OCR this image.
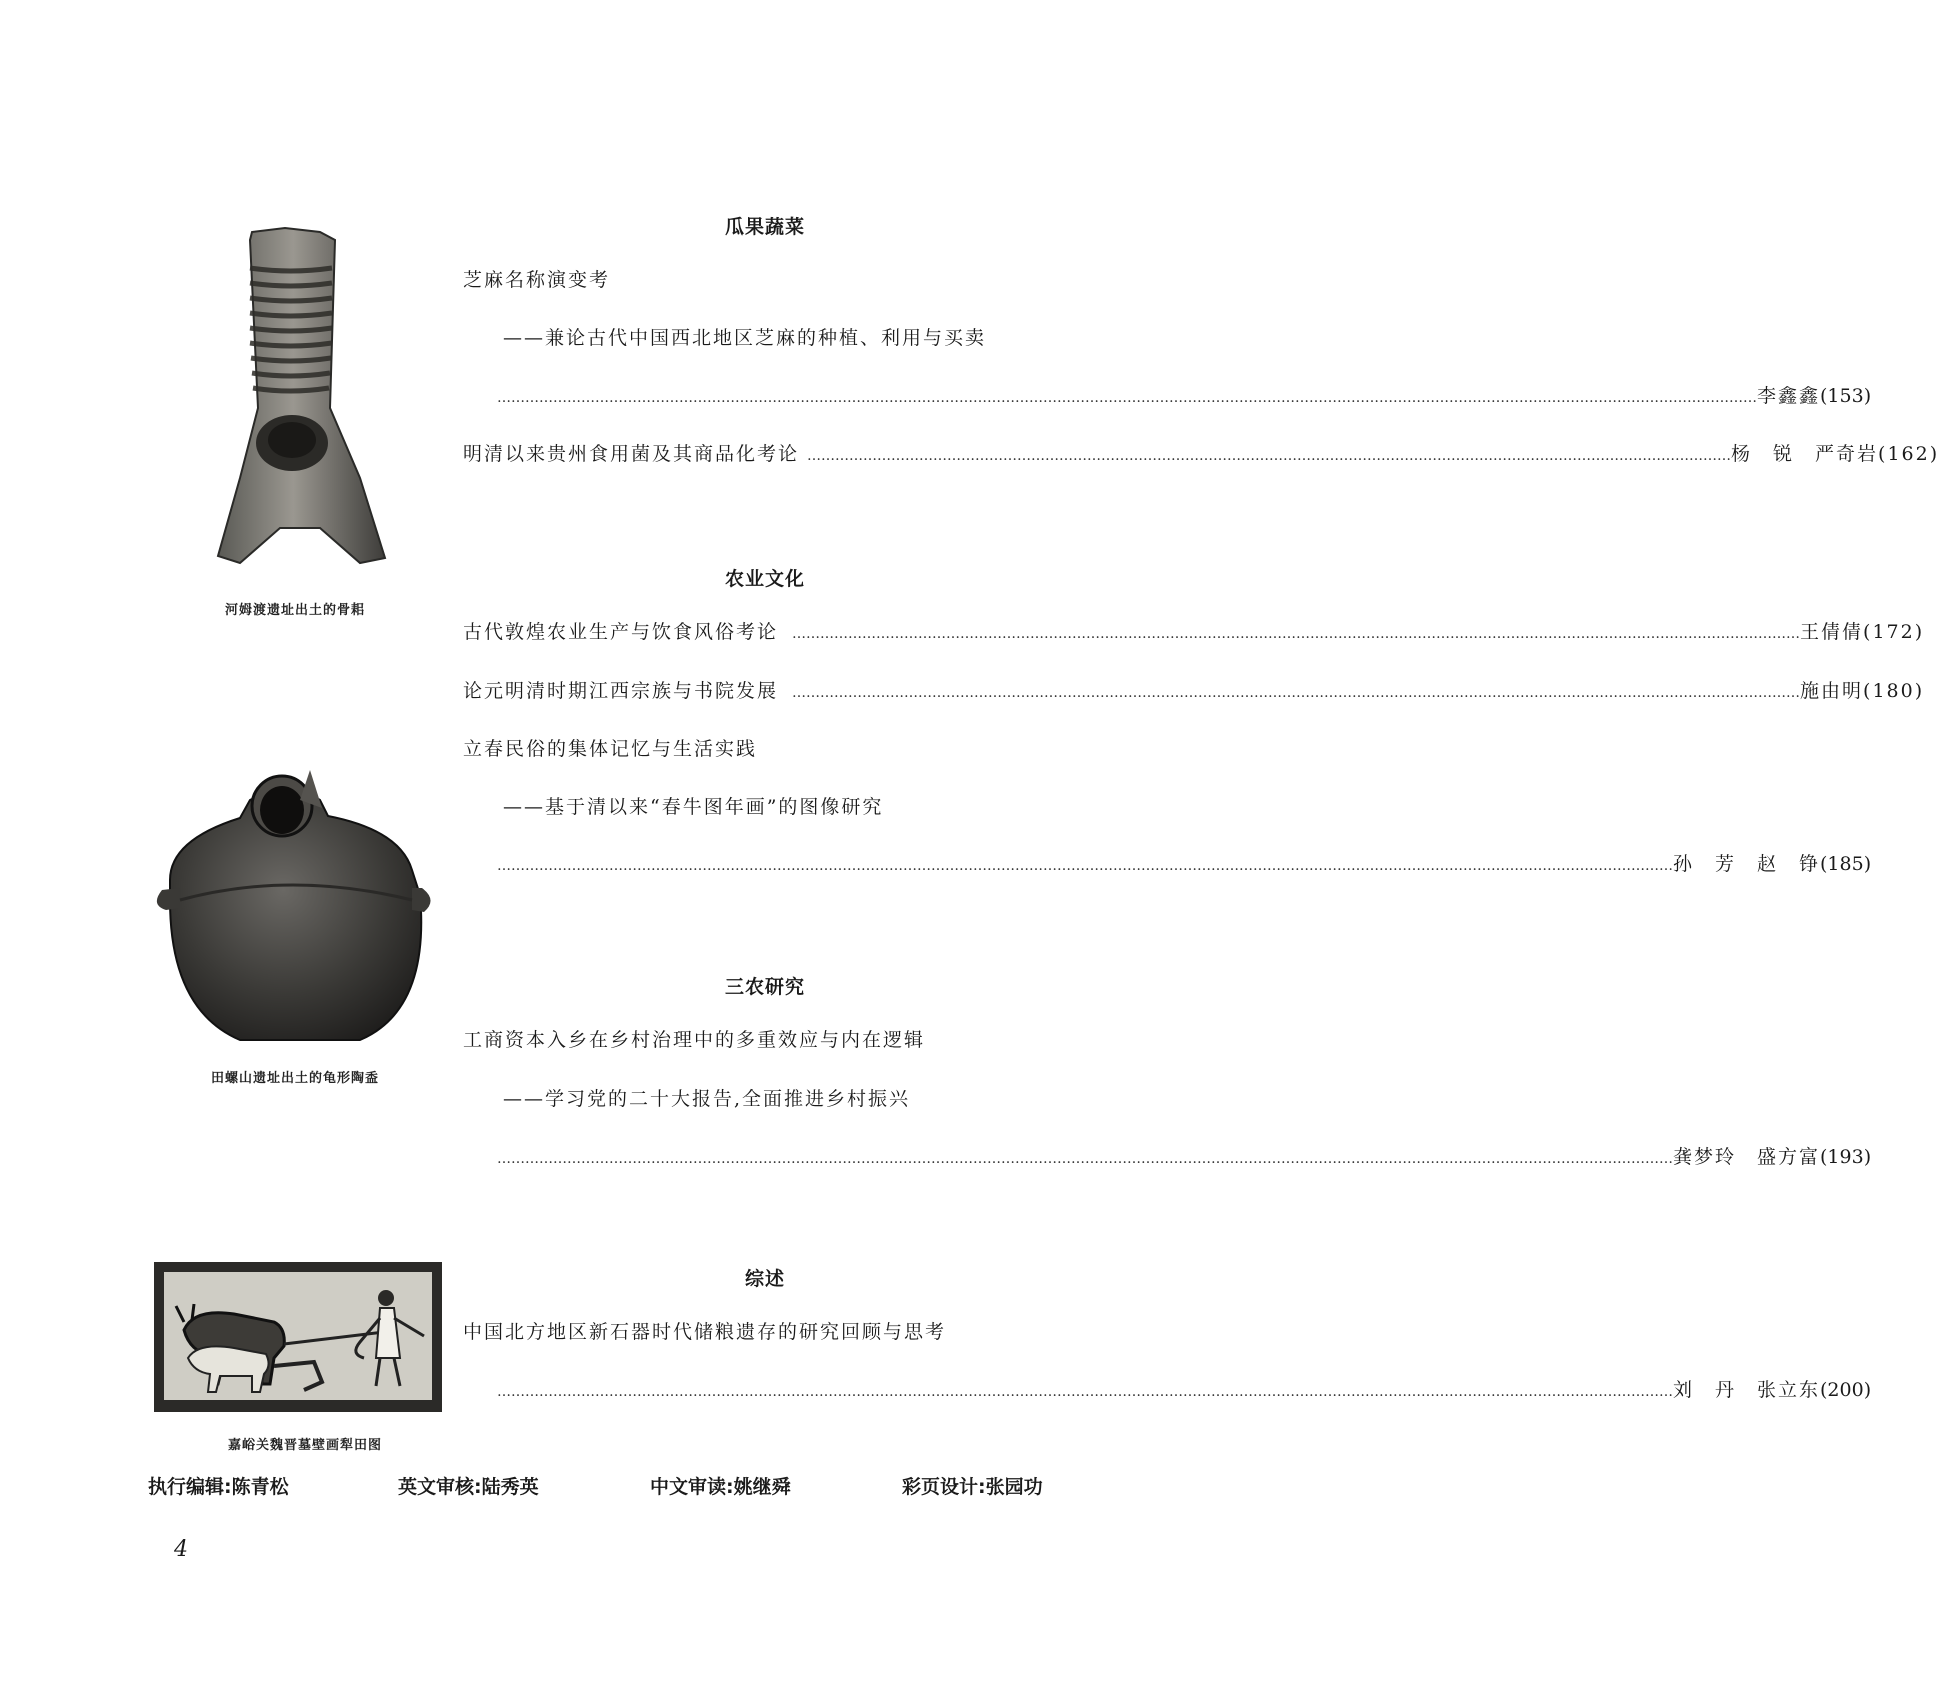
河姆渡遗址出土的骨耜
田螺山遗址出土的龟形陶盉
嘉峪关魏晋墓壁画犁田图
瓜果蔬菜
芝麻名称演变考
——兼论古代中国西北地区芝麻的种植、利用与买卖
………………………………………………………………………………………………………………………………………………………………………… …………………………………………………………………… 李鑫鑫 (153)
明清以来贵州食用菌及其商品化考论	………………………………………………………………………………………………………………………………………………………………………… …… 杨　锐　严奇岩 (162)
农业文化
古代敦煌农业生产与饮食风俗考论	………………………………………………………………………………………………………………………………………………………………………… …………………… 王倩倩 (172)
论元明清时期江西宗族与书院发展	………………………………………………………………………………………………………………………………………………………………………… …………………… 施由明 (180)
立春民俗的集体记忆与生活实践
——基于清以来“春牛图年画”的图像研究
………………………………………………………………………………………………………………………………………………………………………… …………………………………………………… 孙　芳　赵　铮 (185)
三农研究
工商资本入乡在乡村治理中的多重效应与内在逻辑
——学习党的二十大报告,全面推进乡村振兴
………………………………………………………………………………………………………………………………………………………………………… …………………………………………………… 龚梦玲　盛方富 (193)
综述
中国北方地区新石器时代储粮遗存的研究回顾与思考
………………………………………………………………………………………………………………………………………………………………………… …………………………………………………… 刘　丹　张立东 (200)
执行编辑:陈青松	英文审核:陆秀英	中文审读:姚继舜	彩页设计:张园功
4
